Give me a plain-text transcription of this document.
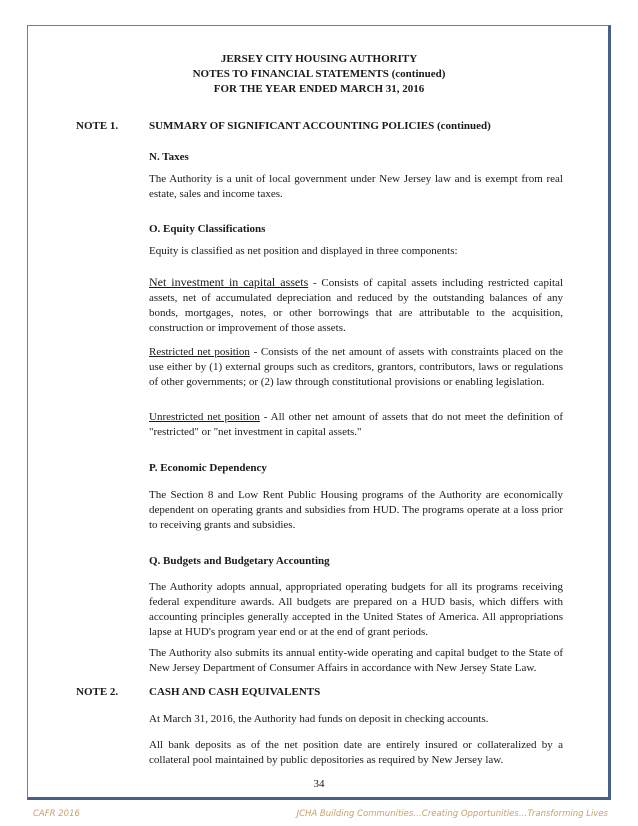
JERSEY CITY HOUSING AUTHORITY
NOTES TO FINANCIAL STATEMENTS (continued)
FOR THE YEAR ENDED MARCH 31, 2016
NOTE 1.	SUMMARY OF SIGNIFICANT ACCOUNTING POLICIES (continued)
N. Taxes
The Authority is a unit of local government under New Jersey law and is exempt from real estate, sales and income taxes.
O. Equity Classifications
Equity is classified as net position and displayed in three components:
Net investment in capital assets - Consists of capital assets including restricted capital assets, net of accumulated depreciation and reduced by the outstanding balances of any bonds, mortgages, notes, or other borrowings that are attributable to the acquisition, construction or improvement of those assets.
Restricted net position - Consists of the net amount of assets with constraints placed on the use either by (1) external groups such as creditors, grantors, contributors, laws or regulations of other governments; or (2) law through constitutional provisions or enabling legislation.
Unrestricted net position - All other net amount of assets that do not meet the definition of "restricted" or "net investment in capital assets."
P. Economic Dependency
The Section 8 and Low Rent Public Housing programs of the Authority are economically dependent on operating grants and subsidies from HUD. The programs operate at a loss prior to receiving grants and subsidies.
Q. Budgets and Budgetary Accounting
The Authority adopts annual, appropriated operating budgets for all its programs receiving federal expenditure awards. All budgets are prepared on a HUD basis, which differs with accounting principles generally accepted in the United States of America. All appropriations lapse at HUD's program year end or at the end of grant periods.
The Authority also submits its annual entity-wide operating and capital budget to the State of New Jersey Department of Consumer Affairs in accordance with New Jersey State Law.
NOTE 2.	CASH AND CASH EQUIVALENTS
At March 31, 2016, the Authority had funds on deposit in checking accounts.
All bank deposits as of the net position date are entirely insured or collateralized by a collateral pool maintained by public depositories as required by New Jersey law.
34
CAFR 2016	JCHA Building Communities…Creating Opportunities…Transforming Lives
